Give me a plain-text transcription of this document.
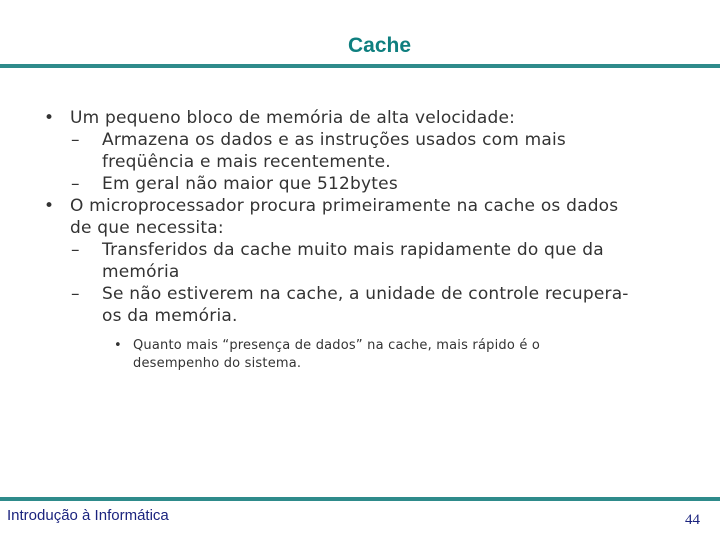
Cache
• Um pequeno bloco de memória de alta velocidade:
– Armazena os dados e as instruções usados com mais freqüência e mais recentemente.
– Em geral não maior que 512bytes
• O microprocessador procura primeiramente na cache os dados de que necessita:
– Transferidos da cache muito mais rapidamente do que da memória
– Se não estiverem na cache, a unidade de controle recupera-os da memória.
• Quanto mais “presença de dados” na cache, mais rápido é o desempenho do sistema.
Introdução à Informática	44
